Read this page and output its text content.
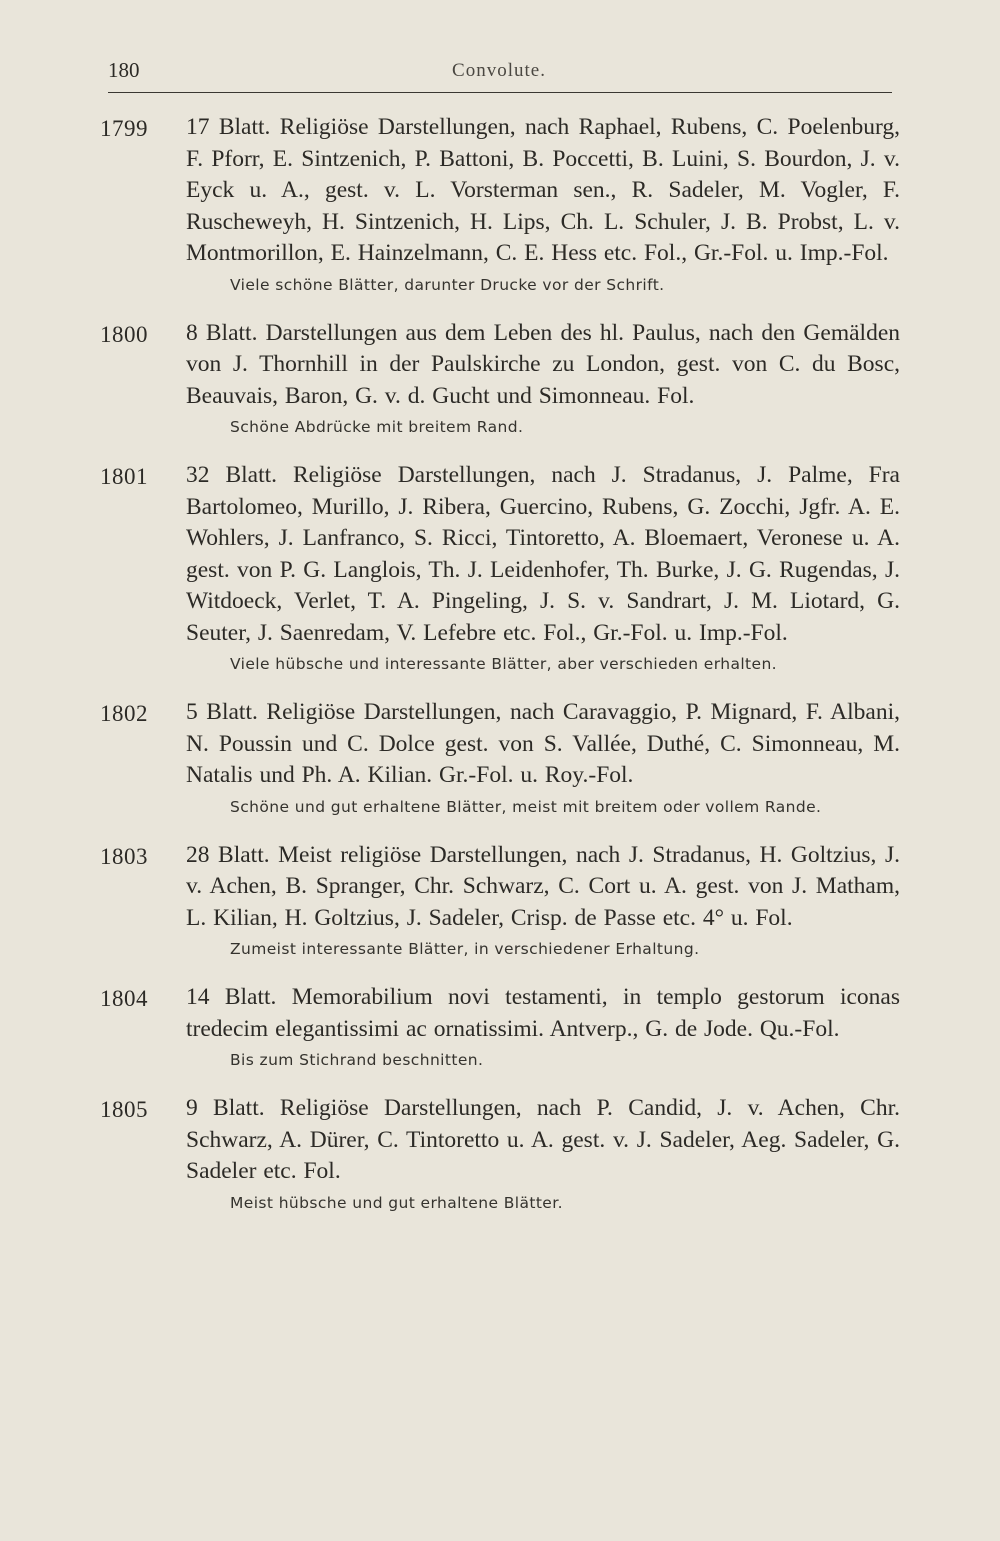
180	Convolute.
1799	17 Blatt. Religiöse Darstellungen, nach Raphael, Rubens, C. Poelenburg, F. Pforr, E. Sintzenich, P. Battoni, B. Poccetti, B. Luini, S. Bourdon, J. v. Eyck u. A., gest. v. L. Vorsterman sen., R. Sadeler, M. Vogler, F. Ruscheweyh, H. Sintzenich, H. Lips, Ch. L. Schuler, J. B. Probst, L. v. Montmorillon, E. Hainzelmann, C. E. Hess etc. Fol., Gr.-Fol. u. Imp.-Fol.
Viele schöne Blätter, darunter Drucke vor der Schrift.
1800	8 Blatt. Darstellungen aus dem Leben des hl. Paulus, nach den Gemälden von J. Thornhill in der Paulskirche zu London, gest. von C. du Bosc, Beauvais, Baron, G. v. d. Gucht und Simonneau. Fol.
Schöne Abdrücke mit breitem Rand.
1801	32 Blatt. Religiöse Darstellungen, nach J. Stradanus, J. Palme, Fra Bartolomeo, Murillo, J. Ribera, Guercino, Rubens, G. Zocchi, Jgfr. A. E. Wohlers, J. Lanfranco, S. Ricci, Tintoretto, A. Bloemaert, Veronese u. A. gest. von P. G. Langlois, Th. J. Leidenhofer, Th. Burke, J. G. Rugendas, J. Witdoeck, Verlet, T. A. Pingeling, J. S. v. Sandrart, J. M. Liotard, G. Seuter, J. Saenredam, V. Lefebre etc. Fol., Gr.-Fol. u. Imp.-Fol.
Viele hübsche und interessante Blätter, aber verschieden erhalten.
1802	5 Blatt. Religiöse Darstellungen, nach Caravaggio, P. Mignard, F. Albani, N. Poussin und C. Dolce gest. von S. Vallée, Duthé, C. Simonneau, M. Natalis und Ph. A. Kilian. Gr.-Fol. u. Roy.-Fol.
Schöne und gut erhaltene Blätter, meist mit breitem oder vollem Rande.
1803	28 Blatt. Meist religiöse Darstellungen, nach J. Stradanus, H. Goltzius, J. v. Achen, B. Spranger, Chr. Schwarz, C. Cort u. A. gest. von J. Matham, L. Kilian, H. Goltzius, J. Sadeler, Crisp. de Passe etc. 4° u. Fol.
Zumeist interessante Blätter, in verschiedener Erhaltung.
1804	14 Blatt. Memorabilium novi testamenti, in templo gestorum iconas tredecim elegantissimi ac ornatissimi. Antverp., G. de Jode. Qu.-Fol.
Bis zum Stichrand beschnitten.
1805	9 Blatt. Religiöse Darstellungen, nach P. Candid, J. v. Achen, Chr. Schwarz, A. Dürer, C. Tintoretto u. A. gest. v. J. Sadeler, Aeg. Sadeler, G. Sadeler etc. Fol.
Meist hübsche und gut erhaltene Blätter.
